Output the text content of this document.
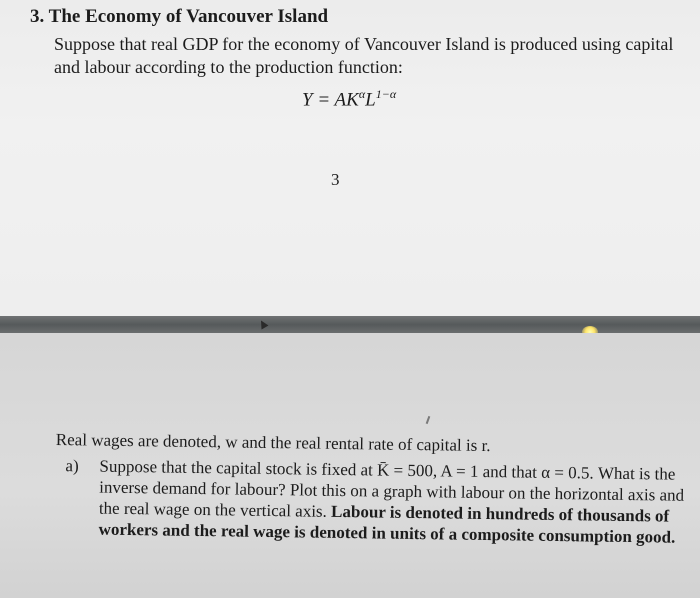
3. The Economy of Vancouver Island

Suppose that real GDP for the economy of Vancouver Island is produced using capital and labour according to the production function:

$Y = AK^\alpha L^{1-\alpha}$
3

Real wages are denoted, w and the real rental rate of capital is r.

a)	Suppose that the capital stock is fixed at K̄ = 500, A = 1 and that α = 0.5. What is the inverse demand for labour? Plot this on a graph with labour on the horizontal axis and the real wage on the vertical axis. Labour is denoted in hundreds of thousands of workers and the real wage is denoted in units of a composite consumption good.
